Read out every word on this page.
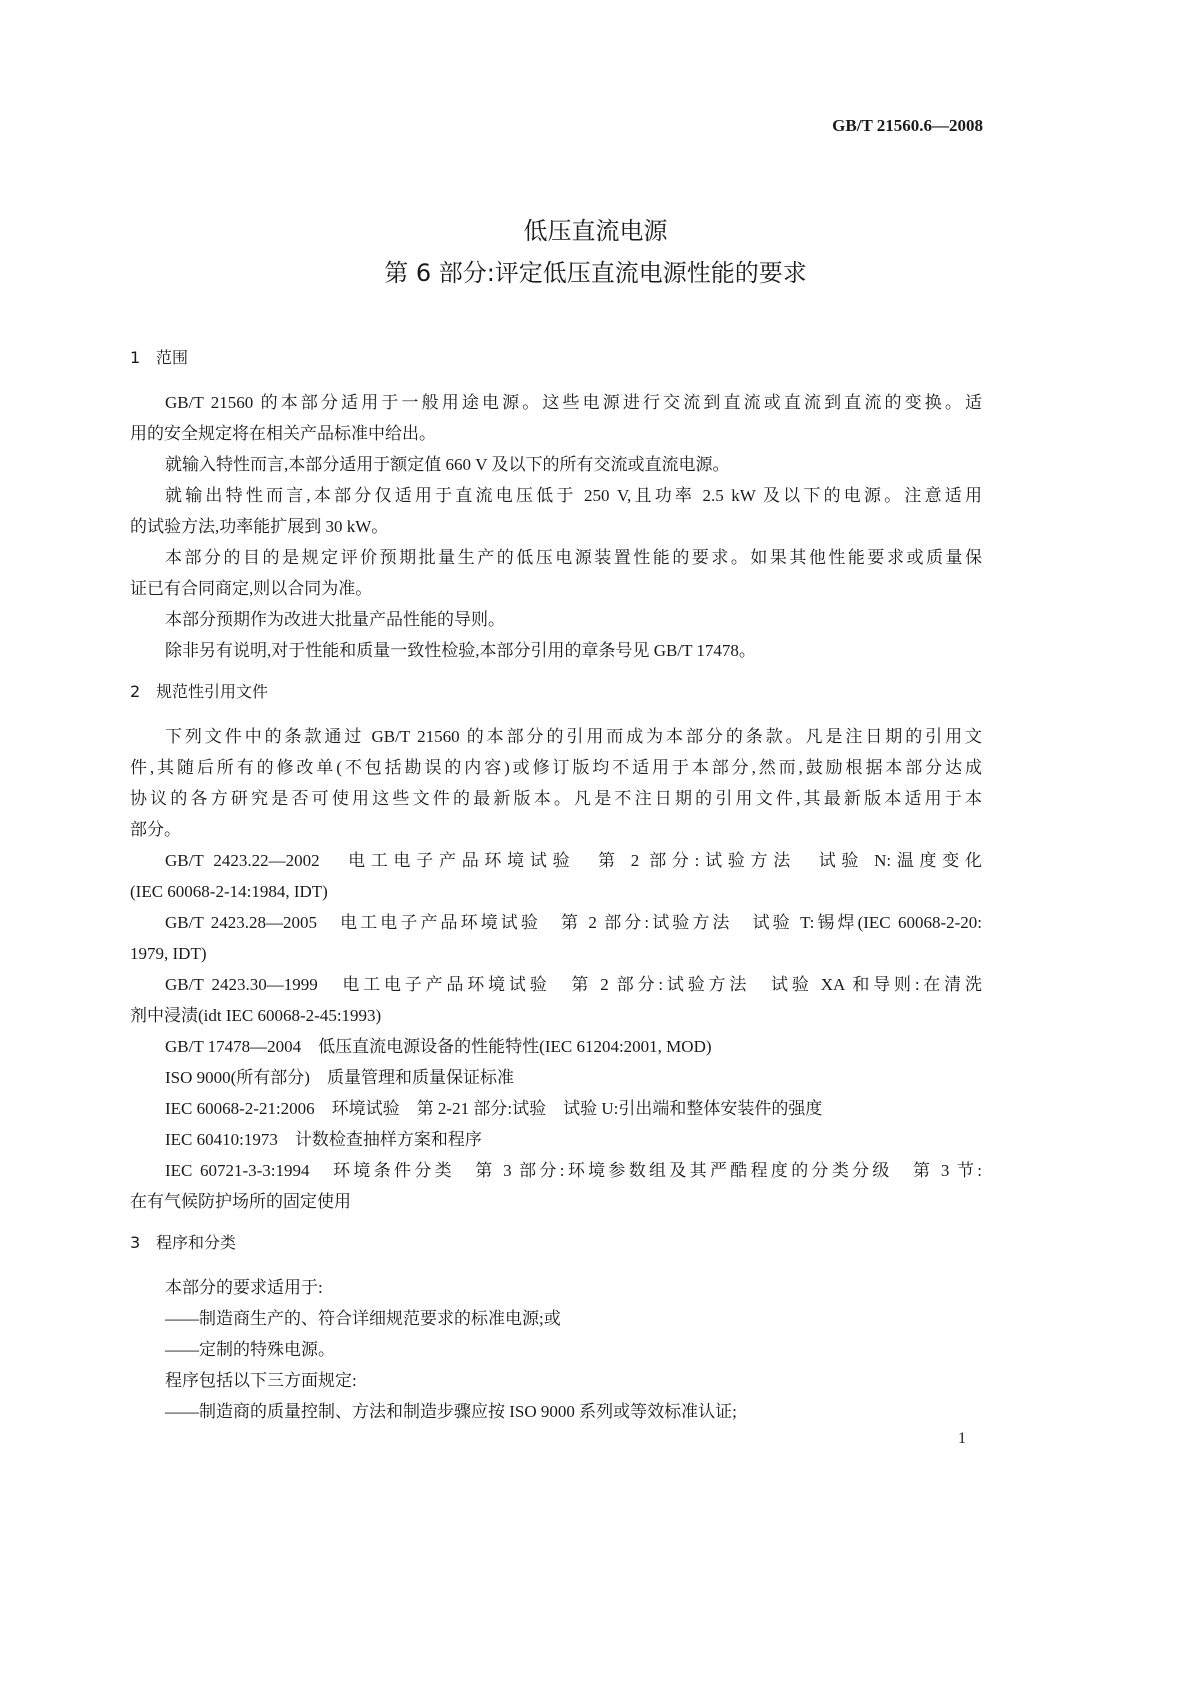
GB/T 21560.6—2008
低压直流电源
第 6 部分:评定低压直流电源性能的要求
1 范围
GB/T 21560 的本部分适用于一般用途电源。这些电源进行交流到直流或直流到直流的变换。适
用的安全规定将在相关产品标准中给出。
就输入特性而言,本部分适用于额定值 660 V 及以下的所有交流或直流电源。
就输出特性而言,本部分仅适用于直流电压低于 250 V,且功率 2.5 kW 及以下的电源。注意适用
的试验方法,功率能扩展到 30 kW。
本部分的目的是规定评价预期批量生产的低压电源装置性能的要求。如果其他性能要求或质量保
证已有合同商定,则以合同为准。
本部分预期作为改进大批量产品性能的导则。
除非另有说明,对于性能和质量一致性检验,本部分引用的章条号见 GB/T 17478。
2 规范性引用文件
下列文件中的条款通过 GB/T 21560 的本部分的引用而成为本部分的条款。凡是注日期的引用文
件,其随后所有的修改单(不包括勘误的内容)或修订版均不适用于本部分,然而,鼓励根据本部分达成
协议的各方研究是否可使用这些文件的最新版本。凡是不注日期的引用文件,其最新版本适用于本
部分。
GB/T 2423.22—2002　电工电子产品环境试验　第 2 部分:试验方法　试验 N:温度变化
(IEC 60068-2-14:1984, IDT)
GB/T 2423.28—2005　电工电子产品环境试验　第 2 部分:试验方法　试验 T:锡焊(IEC 60068-2-20:
1979, IDT)
GB/T 2423.30—1999　电工电子产品环境试验　第 2 部分:试验方法　试验 XA 和导则:在清洗
剂中浸渍(idt IEC 60068-2-45:1993)
GB/T 17478—2004　低压直流电源设备的性能特性(IEC 61204:2001, MOD)
ISO 9000(所有部分)　质量管理和质量保证标准
IEC 60068-2-21:2006　环境试验　第 2-21 部分:试验　试验 U:引出端和整体安装件的强度
IEC 60410:1973　计数检查抽样方案和程序
IEC 60721-3-3:1994　环境条件分类　第 3 部分:环境参数组及其严酷程度的分类分级　第 3 节:
在有气候防护场所的固定使用
3 程序和分类
本部分的要求适用于:
——制造商生产的、符合详细规范要求的标准电源;或
——定制的特殊电源。
程序包括以下三方面规定:
——制造商的质量控制、方法和制造步骤应按 ISO 9000 系列或等效标准认证;
1
